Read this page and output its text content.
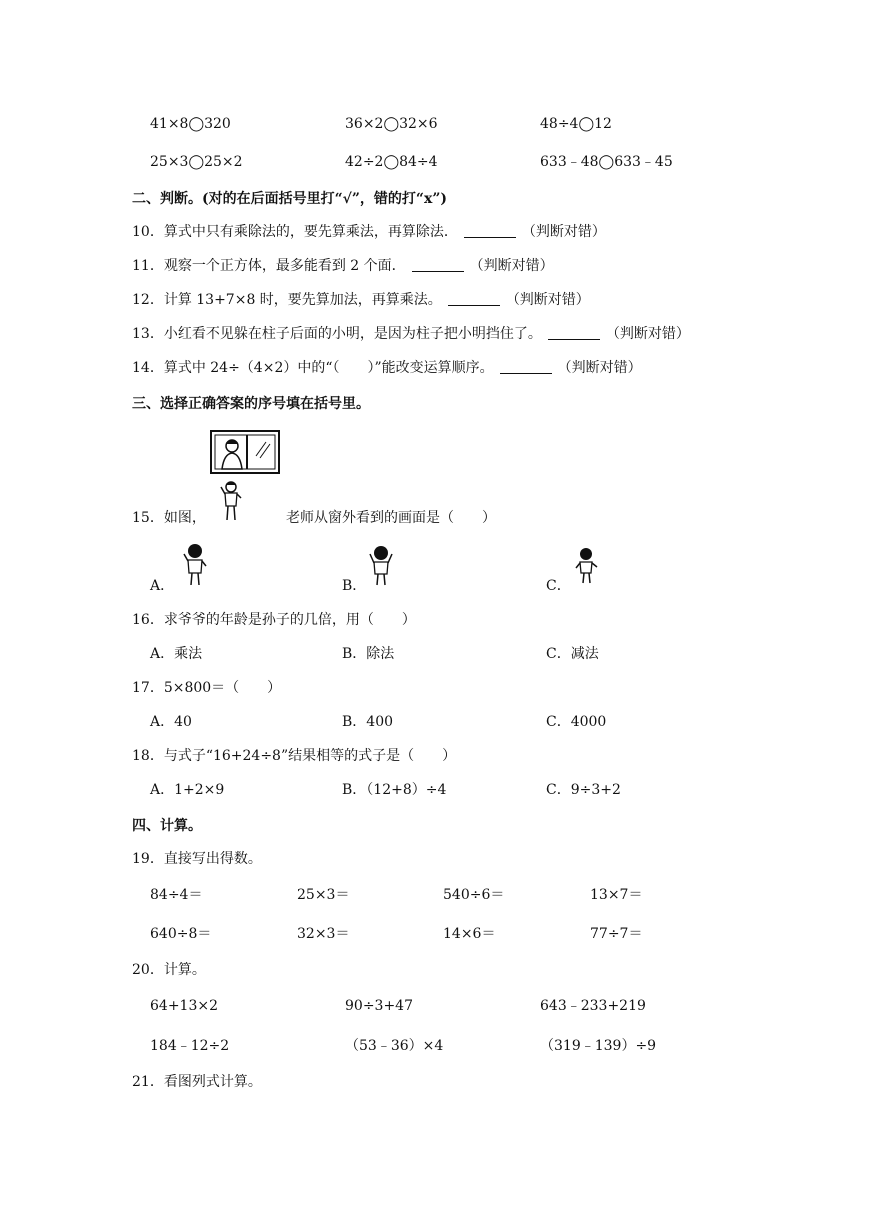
41×8◯320	36×2◯32×6	48÷4◯12
25×3◯25×2	42÷2◯84÷4	633﹣48◯633﹣45
二、判断。(对的在后面括号里打“√”，错的打“x”)
10．算式中只有乘除法的，要先算乘法，再算除法．	（判断对错）
11．观察一个正方体，最多能看到 2 个面．	（判断对错）
12．计算 13+7×8 时，要先算加法，再算乘法。	（判断对错）
13．小红看不见躲在柱子后面的小明，是因为柱子把小明挡住了。	（判断对错）
14．算式中 24÷（4×2）中的“（　　）”能改变运算顺序。	（判断对错）
三、选择正确答案的序号填在括号里。
15．如图，	老师从窗外看到的画面是（　　）
A．	B．	C．
16．求爷爷的年龄是孙子的几倍，用（　　）
A．乘法	B．除法	C．减法
17．5×800＝（　　）
A．40	B．400	C．4000
18．与式子“16+24÷8”结果相等的式子是（　　）
A．1+2×9	B．（12+8）÷4	C．9÷3+2
四、计算。
19．直接写出得数。
84÷4＝	25×3＝	540÷6＝	13×7＝
640÷8＝	32×3＝	14×6＝	77÷7＝
20．计算。
64+13×2	90÷3+47	643﹣233+219
184﹣12÷2	（53﹣36）×4	（319﹣139）÷9
21．看图列式计算。
